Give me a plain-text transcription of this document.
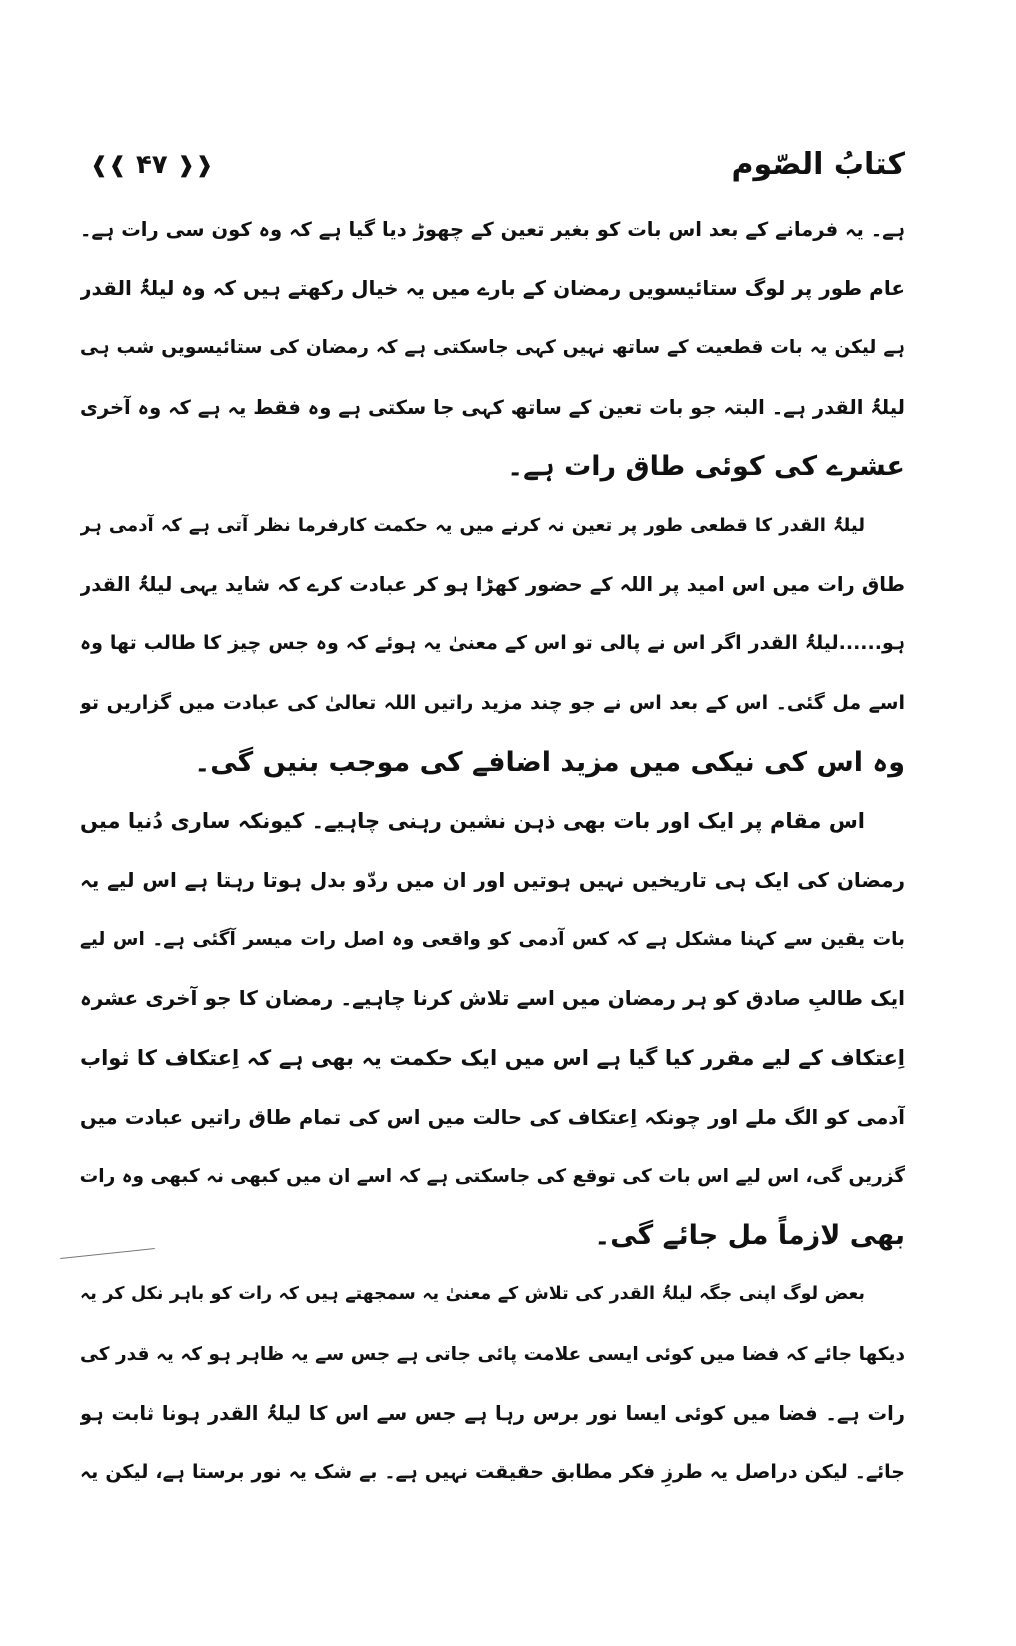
کتابُ الصّوم
❰❰ ۴۷ ❱❱
ہے۔ یہ فرمانے کے بعد اس بات کو بغیر تعین کے چھوڑ دیا گیا ہے کہ وہ کون سی رات ہے۔
عام طور پر لوگ ستائیسویں رمضان کے بارے میں یہ خیال رکھتے ہیں کہ وہ لیلۃُ القدر
ہے لیکن یہ بات قطعیت کے ساتھ نہیں کہی جاسکتی ہے کہ رمضان کی ستائیسویں شب ہی
لیلۃُ القدر ہے۔ البتہ جو بات تعین کے ساتھ کہی جا سکتی ہے وہ فقط یہ ہے کہ وہ آخری
عشرے کی کوئی طاق رات ہے۔
لیلۃُ القدر کا قطعی طور پر تعین نہ کرنے میں یہ حکمت کارفرما نظر آتی ہے کہ آدمی ہر
طاق رات میں اس امید پر اللہ کے حضور کھڑا ہو کر عبادت کرے کہ شاید یہی لیلۃُ القدر
ہو......لیلۃُ القدر اگر اس نے پالی تو اس کے معنیٰ یہ ہوئے کہ وہ جس چیز کا طالب تھا وہ
اسے مل گئی۔ اس کے بعد اس نے جو چند مزید راتیں اللہ تعالیٰ کی عبادت میں گزاریں تو
وہ اس کی نیکی میں مزید اضافے کی موجب بنیں گی۔
اس مقام پر ایک اور بات بھی ذہن نشین رہنی چاہیے۔ کیونکہ ساری دُنیا میں
رمضان کی ایک ہی تاریخیں نہیں ہوتیں اور ان میں ردّو بدل ہوتا رہتا ہے اس لیے یہ
بات یقین سے کہنا مشکل ہے کہ کس آدمی کو واقعی وہ اصل رات میسر آگئی ہے۔ اس لیے
ایک طالبِ صادق کو ہر رمضان میں اسے تلاش کرنا چاہیے۔ رمضان کا جو آخری عشرہ
اِعتکاف کے لیے مقرر کیا گیا ہے اس میں ایک حکمت یہ بھی ہے کہ اِعتکاف کا ثواب
آدمی کو الگ ملے اور چونکہ اِعتکاف کی حالت میں اس کی تمام طاق راتیں عبادت میں
گزریں گی، اس لیے اس بات کی توقع کی جاسکتی ہے کہ اسے ان میں کبھی نہ کبھی وہ رات
بھی لازماً مل جائے گی۔
بعض لوگ اپنی جگہ لیلۃُ القدر کی تلاش کے معنیٰ یہ سمجھتے ہیں کہ رات کو باہر نکل کر یہ
دیکھا جائے کہ فضا میں کوئی ایسی علامت پائی جاتی ہے جس سے یہ ظاہر ہو کہ یہ قدر کی
رات ہے۔ فضا میں کوئی ایسا نور برس رہا ہے جس سے اس کا لیلۃُ القدر ہونا ثابت ہو
جائے۔ لیکن دراصل یہ طرزِ فکر مطابق حقیقت نہیں ہے۔ بے شک یہ نور برستا ہے، لیکن یہ
